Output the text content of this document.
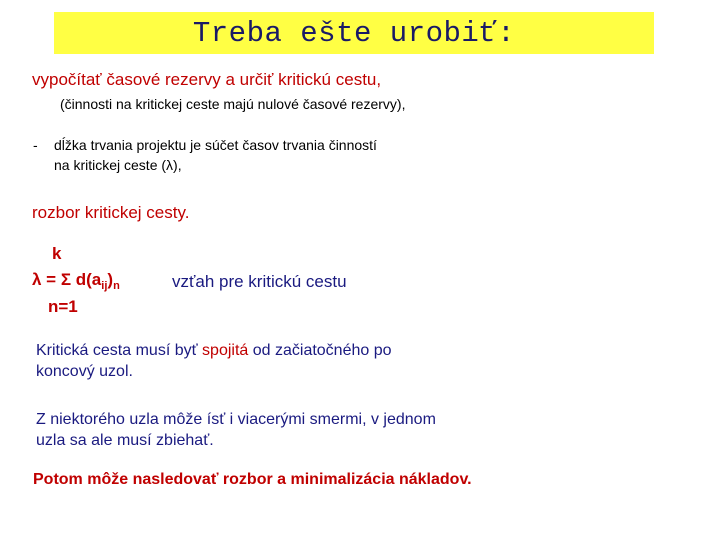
Treba ešte urobiť:
vypočítať časové rezervy a určiť kritickú cestu,
(činnosti na kritickej ceste majú nulové časové rezervy),
- dĺžka trvania projektu je súčet časov trvania činností
na kritickej ceste (λ),
rozbor kritickej cesty.
k
λ = Σ $d(a_{ij})_n$
n=1
vzťah pre kritickú cestu
Kritická cesta musí byť spojitá od začiatočného po
koncový uzol.
Z niektorého uzla môže ísť i viacerými smermi, v jednom
uzla sa ale musí zbiehať.
Potom môže nasledovať rozbor a minimalizácia nákladov.
